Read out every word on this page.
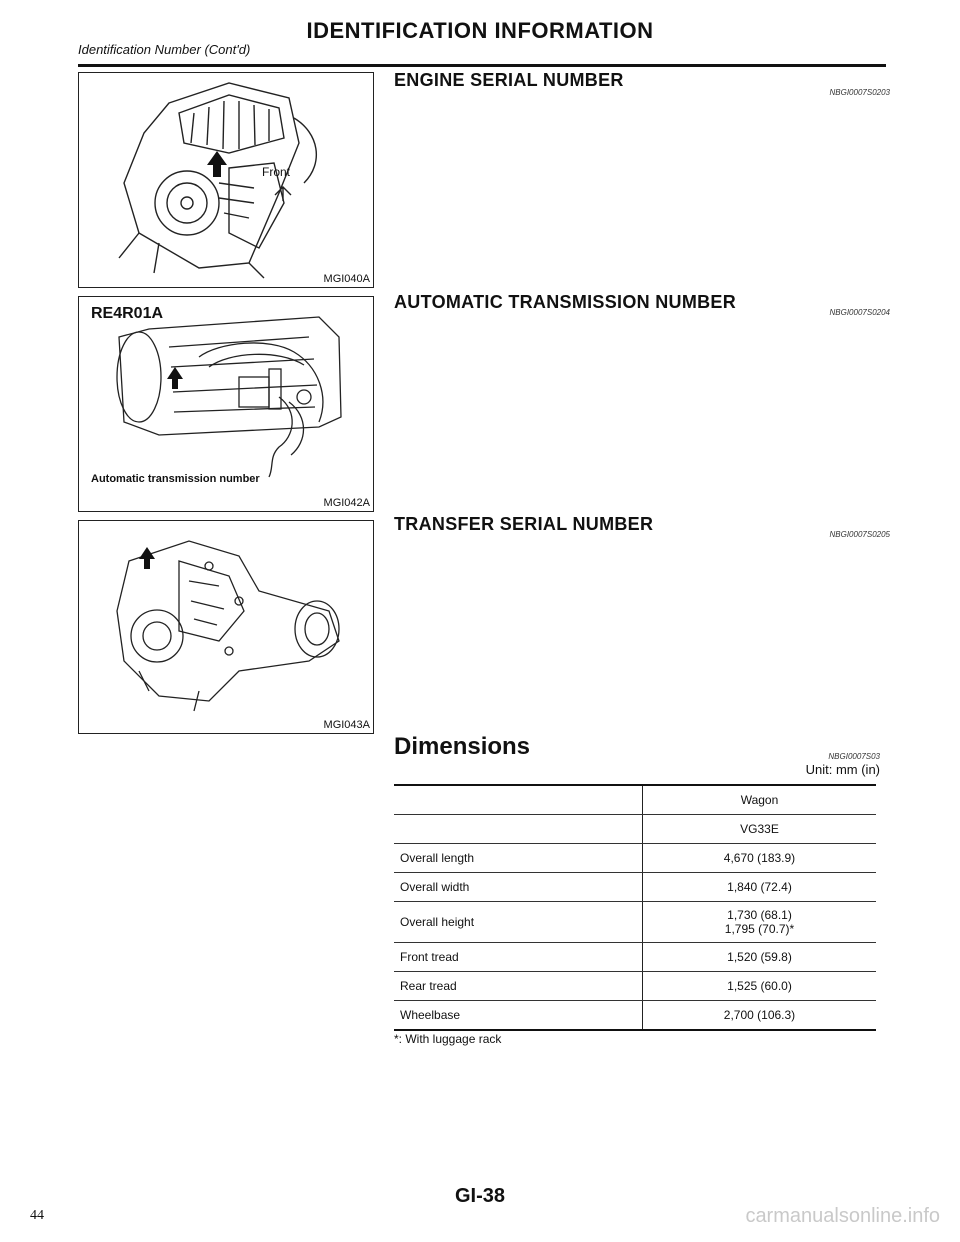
IDENTIFICATION INFORMATION
Identification Number (Cont'd)
Front
MGI040A
RE4R01A
Automatic transmission number
MGI042A
MGI043A
ENGINE SERIAL NUMBER
NBGI0007S0203
AUTOMATIC TRANSMISSION NUMBER
NBGI0007S0204
TRANSFER SERIAL NUMBER
NBGI0007S0205
Dimensions	NBGI0007S03
Unit: mm (in)
	Wagon
	VG33E
Overall length	4,670 (183.9)
Overall width	1,840 (72.4)
Overall height	1,730 (68.1)
1,795 (70.7)*

Front tread	1,520 (59.8)
Rear tread	1,525 (60.0)
Wheelbase	2,700 (106.3)
*: With luggage rack
GI-38
44	carmanualsonline.info
